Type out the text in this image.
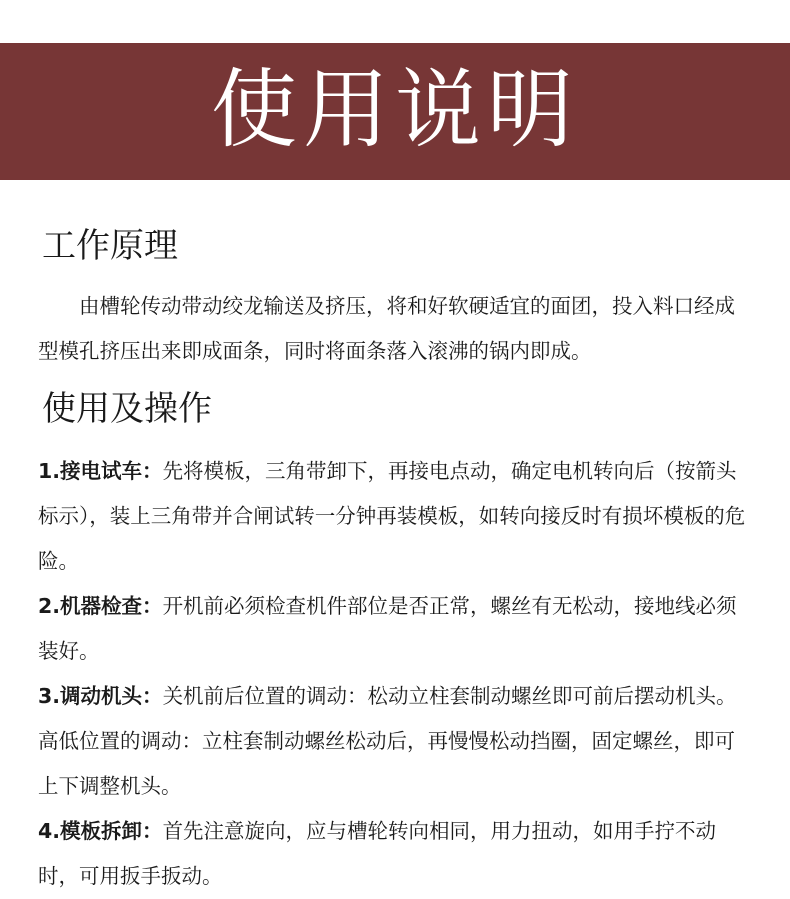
使用说明
工作原理

由槽轮传动带动绞龙输送及挤压，将和好软硬适宜的面团，投入料口经成型模孔挤压出来即成面条，同时将面条落入滚沸的锅内即成。

使用及操作

1.接电试车：先将模板，三角带卸下，再接电点动，确定电机转向后（按箭头标示），装上三角带并合闸试转一分钟再装模板，如转向接反时有损坏模板的危险。

2.机器检查：开机前必须检查机件部位是否正常，螺丝有无松动，接地线必须装好。

3.调动机头：关机前后位置的调动：松动立柱套制动螺丝即可前后摆动机头。高低位置的调动：立柱套制动螺丝松动后，再慢慢松动挡圈，固定螺丝，即可上下调整机头。

4.模板拆卸：首先注意旋向，应与槽轮转向相同，用力扭动，如用手拧不动时，可用扳手扳动。
